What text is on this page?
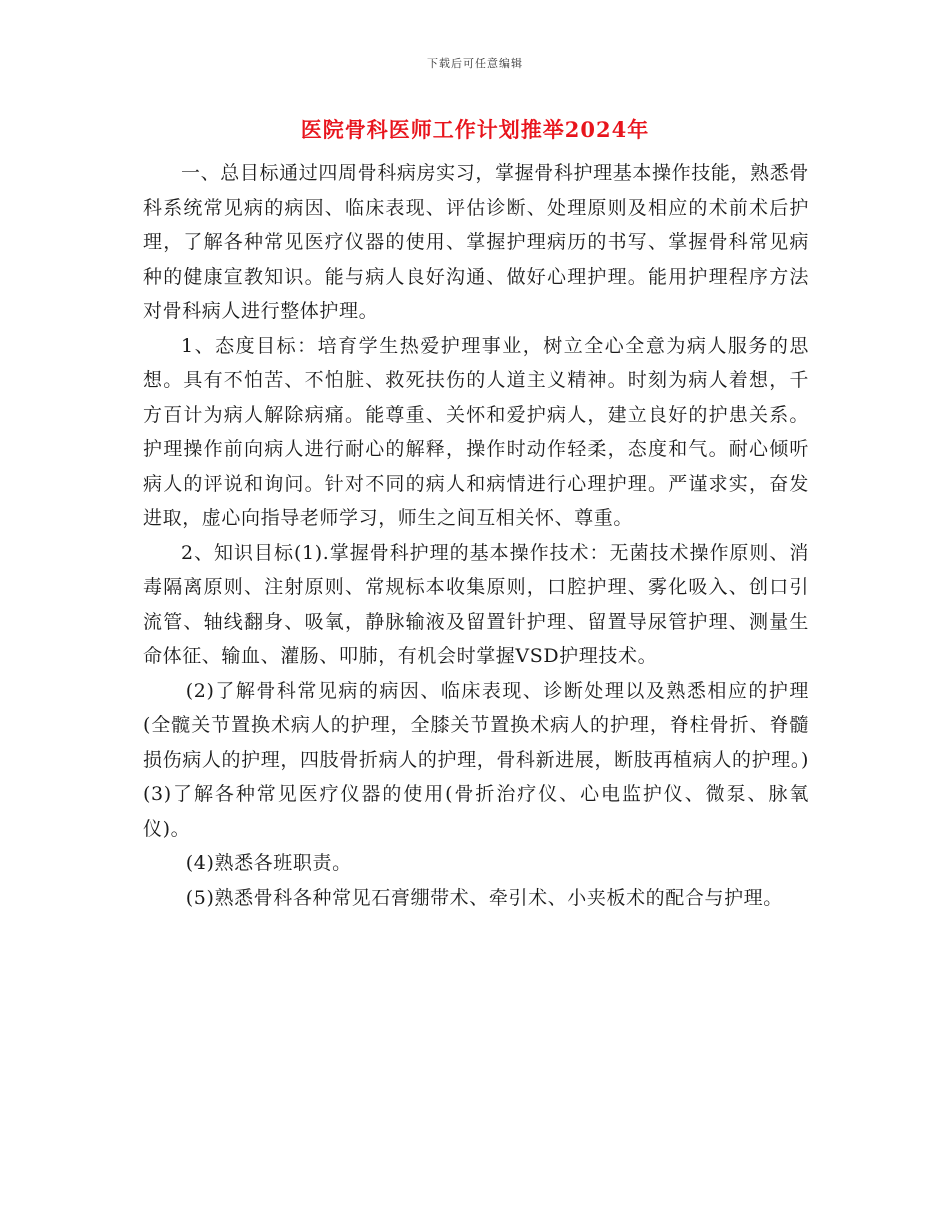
下载后可任意编辑
医院骨科医师工作计划推举2024年

一、总目标通过四周骨科病房实习，掌握骨科护理基本操作技能，熟悉骨科系统常见病的病因、临床表现、评估诊断、处理原则及相应的术前术后护理，了解各种常见医疗仪器的使用、掌握护理病历的书写、掌握骨科常见病种的健康宣教知识。能与病人良好沟通、做好心理护理。能用护理程序方法对骨科病人进行整体护理。

1、态度目标：培育学生热爱护理事业，树立全心全意为病人服务的思想。具有不怕苦、不怕脏、救死扶伤的人道主义精神。时刻为病人着想，千方百计为病人解除病痛。能尊重、关怀和爱护病人，建立良好的护患关系。护理操作前向病人进行耐心的解释，操作时动作轻柔，态度和气。耐心倾听病人的评说和询问。针对不同的病人和病情进行心理护理。严谨求实，奋发进取，虚心向指导老师学习，师生之间互相关怀、尊重。

2、知识目标(1).掌握骨科护理的基本操作技术：无菌技术操作原则、消毒隔离原则、注射原则、常规标本收集原则，口腔护理、雾化吸入、创口引流管、轴线翻身、吸氧，静脉输液及留置针护理、留置导尿管护理、测量生命体征、输血、灌肠、叩肺，有机会时掌握VSD护理技术。

(2)了解骨科常见病的病因、临床表现、诊断处理以及熟悉相应的护理(全髋关节置换术病人的护理，全膝关节置换术病人的护理，脊柱骨折、脊髓损伤病人的护理，四肢骨折病人的护理，骨科新进展，断肢再植病人的护理。)(3)了解各种常见医疗仪器的使用(骨折治疗仪、心电监护仪、微泵、脉氧仪)。

(4)熟悉各班职责。

(5)熟悉骨科各种常见石膏绷带术、牵引术、小夹板术的配合与护理。
